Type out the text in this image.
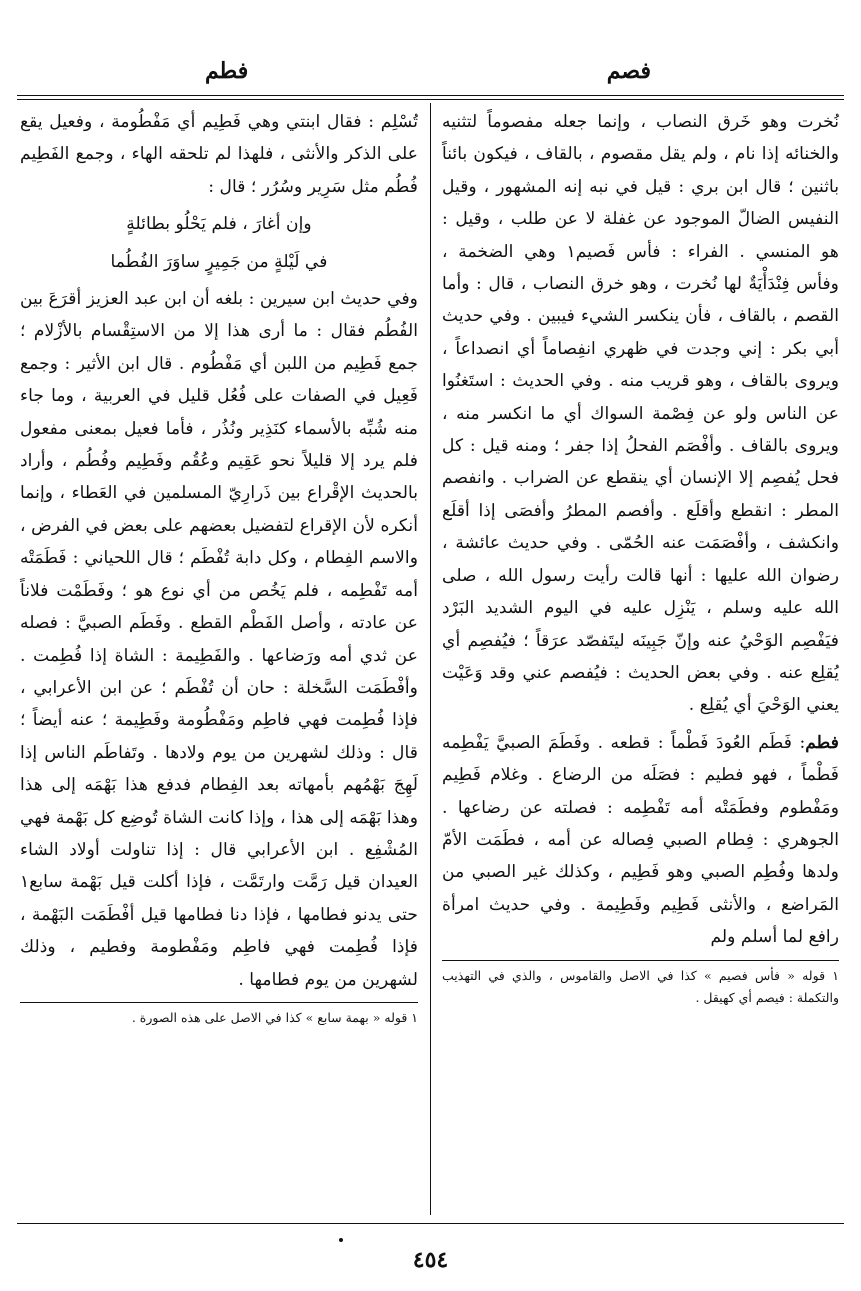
فصم
فطم

نُخرت وهو خَرق النصاب ، وإنما جعله مفصوماً لتثنيه والخنائه إذا نام ، ولم يقل مقصوم ، بالقاف ، فيكون بائناً باثنين ؛ قال ابن بري : قيل في نبه إنه المشهور ، وقيل النفيس الضالّ الموجود عن غفلة لا عن طلب ، وقيل : هو المنسي . الفراء : فأس فَصيم١ وهي الضخمة ، وفأس فِنْدَأْيَةٌ لها نُخرت ، وهو خرق النصاب ، قال : وأما القصم ، بالقاف ، فأن ينكسر الشيء فيبين . وفي حديث أبي بكر : إني وجدت في ظهري انفِصاماً أي انصداعاً ، ويروى بالقاف ، وهو قريب منه . وفي الحديث : استَغنُوا عن الناس ولو عن فِصْمة السواك أي ما انكسر منه ، ويروى بالقاف . وأفْصَم الفحلُ إذا جفر ؛ ومنه قيل : كل فحل يُفصِم إلا الإنسان أي ينقطع عن الضراب . وانفصم المطر : انقطع وأقلَع . وأفصم المطرُ وأفصَى إذا أقلَع وانكشف ، وأفْصَمَت عنه الحُمّى . وفي حديث عائشة ، رضوان الله عليها : أنها قالت رأيت رسول الله ، صلى الله عليه وسلم ، يَنْزِل عليه في اليوم الشديد البَرْد فيَفْصِم الوَحْيُ عنه وإنّ جَبِينَه ليتَفصّد عرَقاً ؛ فيُفصِم أي يُقلِع عنه . وفي بعض الحديث : فيُفصم عني وقد وَعَيْت يعني الوَحْيَ أي يُقلِع .

فطم: فَطَم العُودَ فَطْماً : قطعه . وفَطَمَ الصبيَّ يَفْطِمه فَطْماً ، فهو فطيم : فصَلَه من الرضاع . وغلام فَطِيم ومَفْطوم وفطَمَتْه أمه تَفْطِمه : فصلته عن رضاعها . الجوهري : فِطام الصبي فِصاله عن أمه ، فطَمَت الأمّ ولدها وفُطِم الصبي وهو فَطِيم ، وكذلك غير الصبي من المَراضع ، والأنثى فَطِيم وفَطِيمة . وفي حديث امرأة رافع لما أسلم ولم

١ قوله « فأس فصيم » كذا في الاصل والقاموس ، والذي في التهذيب والتكملة : فيصم أي كهيقل .

تُسْلِم : فقال ابنتي وهي فَطِيم أي مَفْطُومة ، وفعيل يقع على الذكر والأنثى ، فلهذا لم تلحقه الهاء ، وجمع الفَطِيم فُطُم مثل سَرِير وسُرُر ؛ قال :

وإن أغارَ ، فلم يَحْلُو بطائلةٍ

في لَيْلةٍ من جَمِيرٍ ساوَرَ الفُطُما

وفي حديث ابن سيرين : بلغه أن ابن عبد العزيز أقرَعَ بين الفُطُم فقال : ما أرى هذا إلا من الاستِقْسام بالأزْلام ؛ جمع فَطِيم من اللبن أي مَفْطُوم . قال ابن الأثير : وجمع فَعِيل في الصفات على فُعُل قليل في العربية ، وما جاء منه شُبِّه بالأسماء كنَذِير ونُذُر ، فأما فعيل بمعنى مفعول فلم يرد إلا قليلاً نحو عَقِيم وعُقُم وفَطِيم وفُطُم ، وأراد بالحديث الإقْراع بين ذَرارِيّ المسلمين في العَطاء ، وإنما أنكره لأن الإقراع لتفضيل بعضهم على بعض في الفرض ، والاسم الفِطام ، وكل دابة تُفْطَم ؛ قال اللحياني : فَطَمَتْه أمه تَفْطِمه ، فلم يَخُص من أي نوع هو ؛ وفَطَمْت فلاناً عن عادته ، وأصل الفَطْم القطع . وفَطَم الصبيَّ : فصله عن ثدي أمه ورَضاعها . والفَطِيمة : الشاة إذا فُطِمت . وأفْطَمَت السَّخلة : حان أن تُفْطَم ؛ عن ابن الأعرابي ، فإذا فُطِمت فهي فاطِم ومَفْطُومة وفَطِيمة ؛ عنه أيضاً ؛ قال : وذلك لشهرين من يوم ولادها . وتَفاطَم الناس إذا لَهِجَ بَهْمُهم بأمهاته بعد الفِطام فدفع هذا بَهْمَه إلى هذا وهذا بَهْمَه إلى هذا ، وإذا كانت الشاة تُوضِع كل بَهْمة فهي المُشْفِع . ابن الأعرابي قال : إذا تناولت أولاد الشاء العيدان قيل رَمَّت وارتَمَّت ، فإذا أكلت قيل بَهْمة سابع١ حتى يدنو فطامها ، فإذا دنا فطامها قيل أفْطَمَت البَهْمة ، فإذا فُطِمت فهي فاطِم ومَفْطومة وفطيم ، وذلك لشهرين من يوم فطامها .

١ قوله « بهمة سابع » كذا في الاصل على هذه الصورة .

٤٥٤
